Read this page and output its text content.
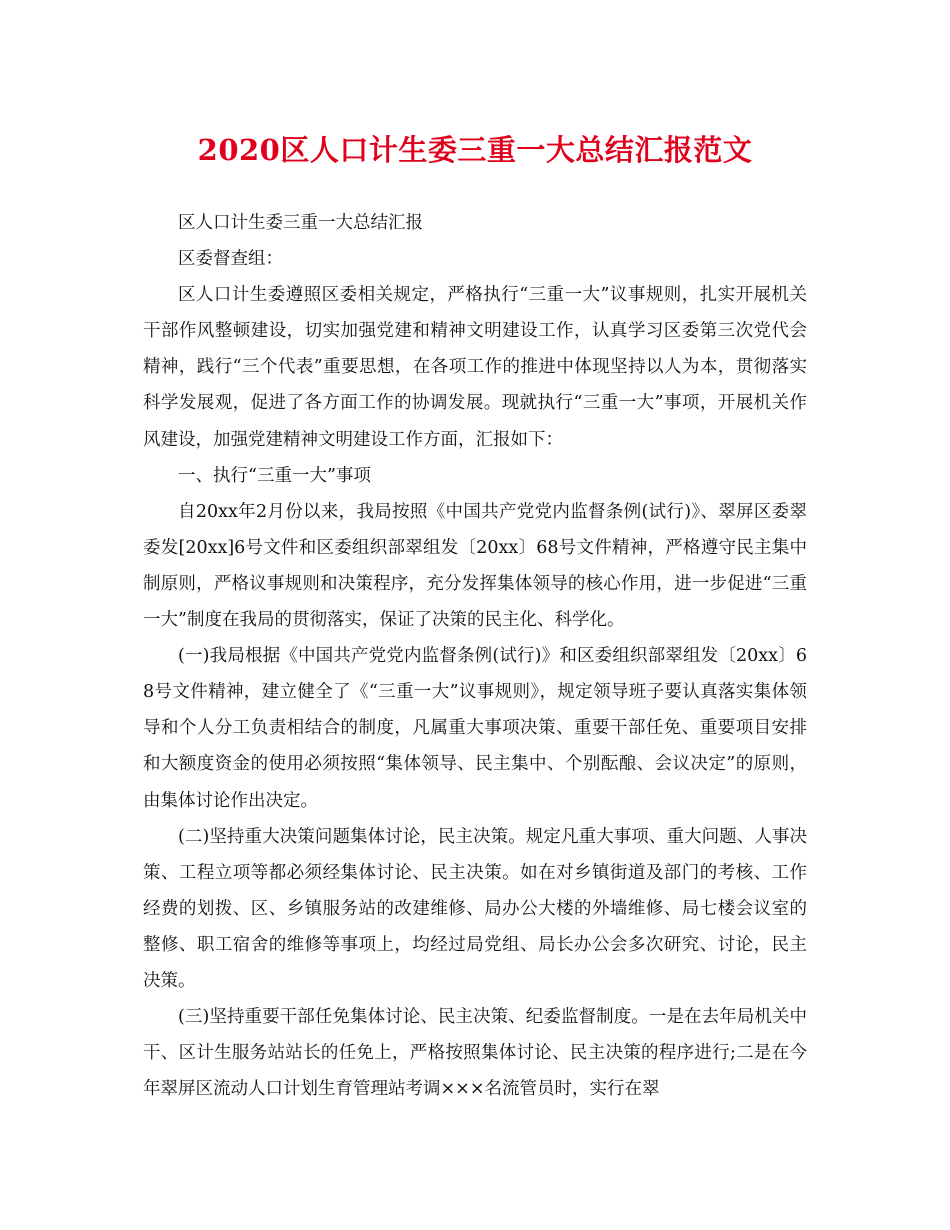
2020区人口计生委三重一大总结汇报范文

区人口计生委三重一大总结汇报

区委督查组：

区人口计生委遵照区委相关规定，严格执行“三重一大”议事规则，扎实开展机关干部作风整顿建设，切实加强党建和精神文明建设工作，认真学习区委第三次党代会精神，践行“三个代表”重要思想，在各项工作的推进中体现坚持以人为本，贯彻落实科学发展观，促进了各方面工作的协调发展。现就执行“三重一大”事项，开展机关作风建设，加强党建精神文明建设工作方面，汇报如下：

一、执行“三重一大”事项

自20xx年2月份以来，我局按照《中国共产党党内监督条例(试行)》、翠屏区委翠委发[20xx]6号文件和区委组织部翠组发〔20xx〕68号文件精神，严格遵守民主集中制原则，严格议事规则和决策程序，充分发挥集体领导的核心作用，进一步促进“三重一大”制度在我局的贯彻落实，保证了决策的民主化、科学化。

(一)我局根据《中国共产党党内监督条例(试行)》和区委组织部翠组发〔20xx〕68号文件精神，建立健全了《“三重一大”议事规则》，规定领导班子要认真落实集体领导和个人分工负责相结合的制度，凡属重大事项决策、重要干部任免、重要项目安排和大额度资金的使用必须按照“集体领导、民主集中、个别酝酿、会议决定”的原则，由集体讨论作出决定。

(二)坚持重大决策问题集体讨论，民主决策。规定凡重大事项、重大问题、人事决策、工程立项等都必须经集体讨论、民主决策。如在对乡镇街道及部门的考核、工作经费的划拨、区、乡镇服务站的改建维修、局办公大楼的外墙维修、局七楼会议室的整修、职工宿舍的维修等事项上，均经过局党组、局长办公会多次研究、讨论，民主决策。

(三)坚持重要干部任免集体讨论、民主决策、纪委监督制度。一是在去年局机关中干、区计生服务站站长的任免上，严格按照集体讨论、民主决策的程序进行;二是在今年翠屏区流动人口计划生育管理站考调×××名流管员时，实行在翠
